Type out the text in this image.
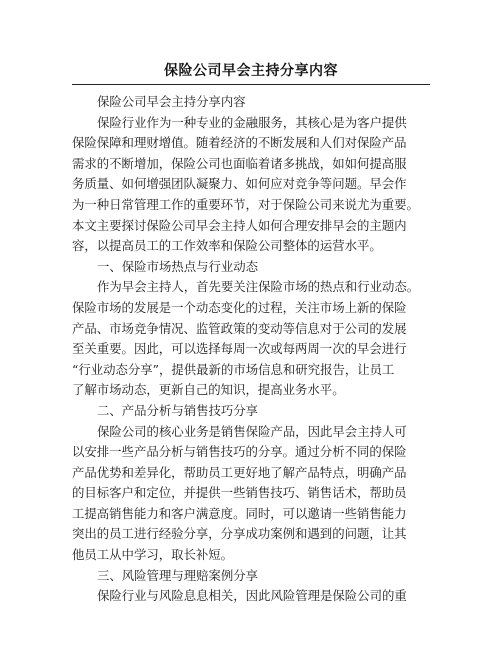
保险公司早会主持分享内容
保险公司早会主持分享内容
保险行业作为一种专业的金融服务，其核心是为客户提供
保险保障和理财增值。随着经济的不断发展和人们对保险产品
需求的不断增加，保险公司也面临着诸多挑战，如如何提高服
务质量、如何增强团队凝聚力、如何应对竞争等问题。早会作
为一种日常管理工作的重要环节，对于保险公司来说尤为重要。
本文主要探讨保险公司早会主持人如何合理安排早会的主题内
容，以提高员工的工作效率和保险公司整体的运营水平。
一、保险市场热点与行业动态
作为早会主持人，首先要关注保险市场的热点和行业动态。
保险市场的发展是一个动态变化的过程，关注市场上新的保险
产品、市场竞争情况、监管政策的变动等信息对于公司的发展
至关重要。因此，可以选择每周一次或每两周一次的早会进行
“行业动态分享”，提供最新的市场信息和研究报告，让员工
了解市场动态，更新自己的知识，提高业务水平。
二、产品分析与销售技巧分享
保险公司的核心业务是销售保险产品，因此早会主持人可
以安排一些产品分析与销售技巧的分享。通过分析不同的保险
产品优势和差异化，帮助员工更好地了解产品特点，明确产品
的目标客户和定位，并提供一些销售技巧、销售话术，帮助员
工提高销售能力和客户满意度。同时，可以邀请一些销售能力
突出的员工进行经验分享，分享成功案例和遇到的问题，让其
他员工从中学习，取长补短。
三、风险管理与理赔案例分享
保险行业与风险息息相关，因此风险管理是保险公司的重
